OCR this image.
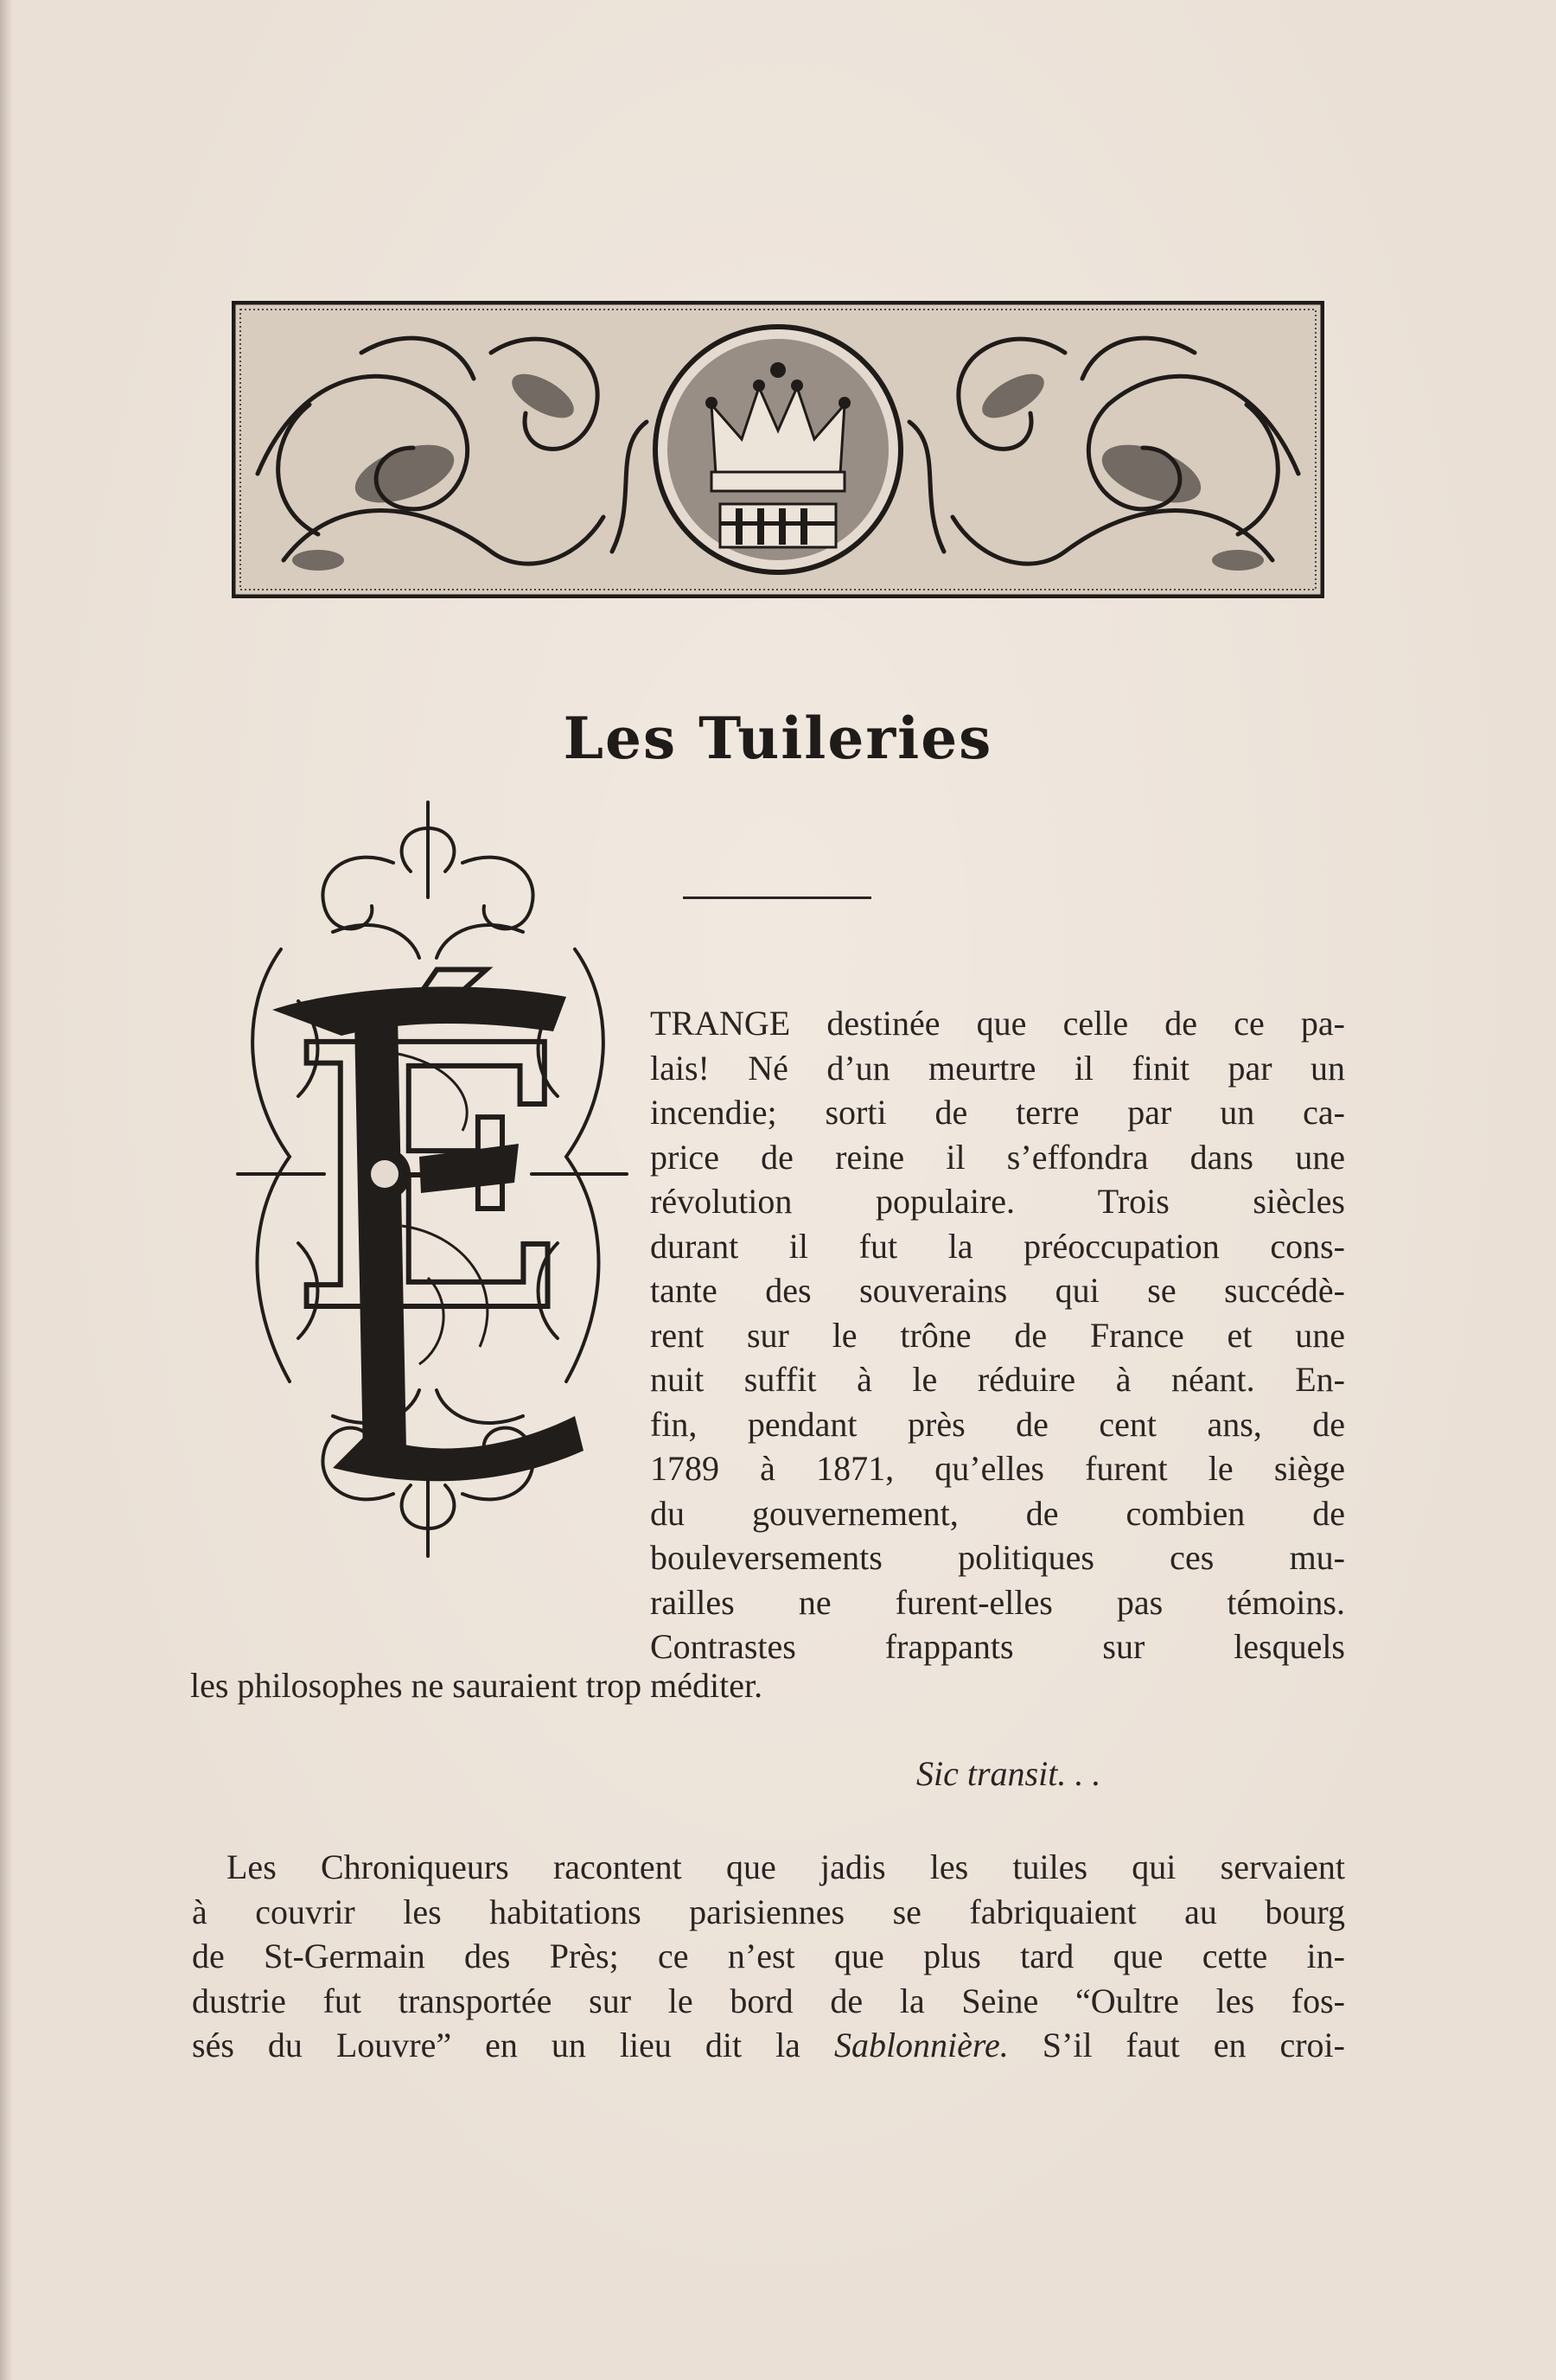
Les Tuileries
É	TRANGE destinée que celle de ce pa-
lais! Né d’un meurtre il finit par un
incendie; sorti de terre par un ca-
price de reine il s’effondra dans une
révolution populaire. Trois siècles
durant il fut la préoccupation cons-
tante des souverains qui se succédè-
rent sur le trône de France et une
nuit suffit à le réduire à néant. En-
fin, pendant près de cent ans, de
1789 à 1871, qu’elles furent le siège
du gouvernement, de combien de
bouleversements politiques ces mu-
railles ne furent-elles pas témoins.
Contrastes frappants sur lesquels
les philosophes ne sauraient trop méditer.
Sic transit. . .
Les Chroniqueurs racontent que jadis les tuiles qui servaient
à couvrir les habitations parisiennes se fabriquaient au bourg
de St-Germain des Près; ce n’est que plus tard que cette in-
dustrie fut transportée sur le bord de la Seine “Oultre les fos-
sés du Louvre” en un lieu dit la Sablonnière. S’il faut en croi-
